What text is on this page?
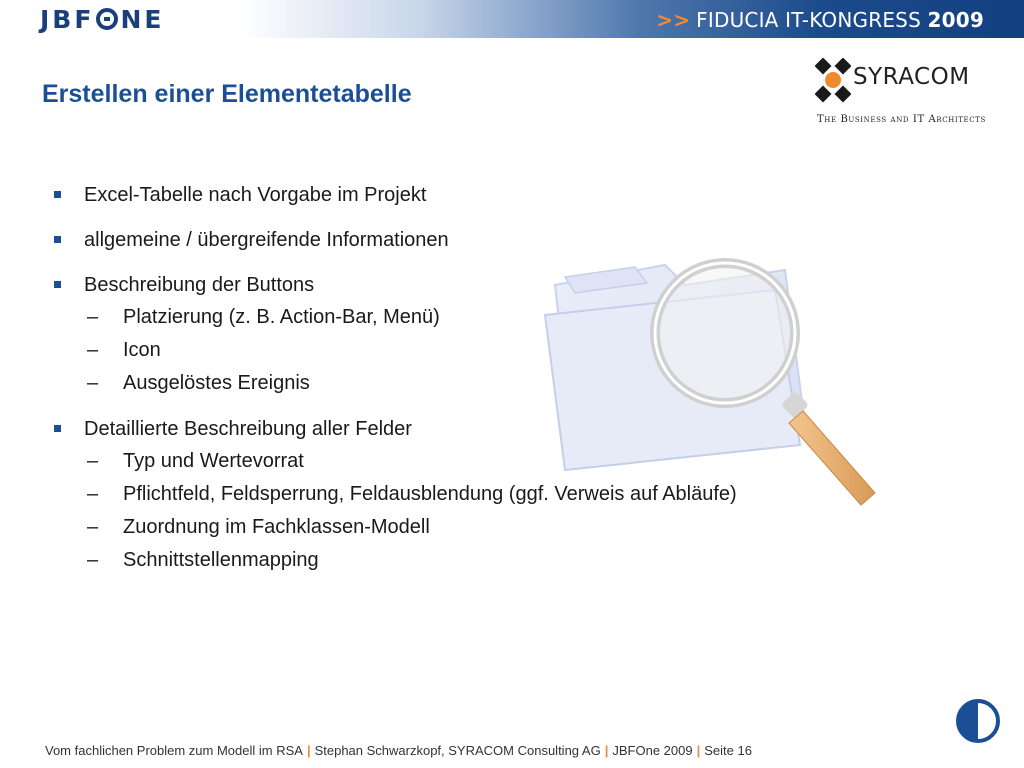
JBF NE	>> FIDUCIA IT-KONGRESS 2009
Erstellen einer Elementetabelle
SYRACOM
The Business and IT Architects
Excel-Tabelle nach Vorgabe im Projekt
allgemeine / übergreifende Informationen
Beschreibung der Buttons
– Platzierung (z. B. Action-Bar, Menü)
– Icon
– Ausgelöstes Ereignis
Detaillierte Beschreibung aller Felder
– Typ und Wertevorrat
– Pflichtfeld, Feldsperrung, Feldausblendung (ggf. Verweis auf Abläufe)
– Zuordnung im Fachklassen-Modell
– Schnittstellenmapping
Vom fachlichen Problem zum Modell im RSA | Stephan Schwarzkopf, SYRACOM Consulting AG | JBFOne 2009 | Seite 16
